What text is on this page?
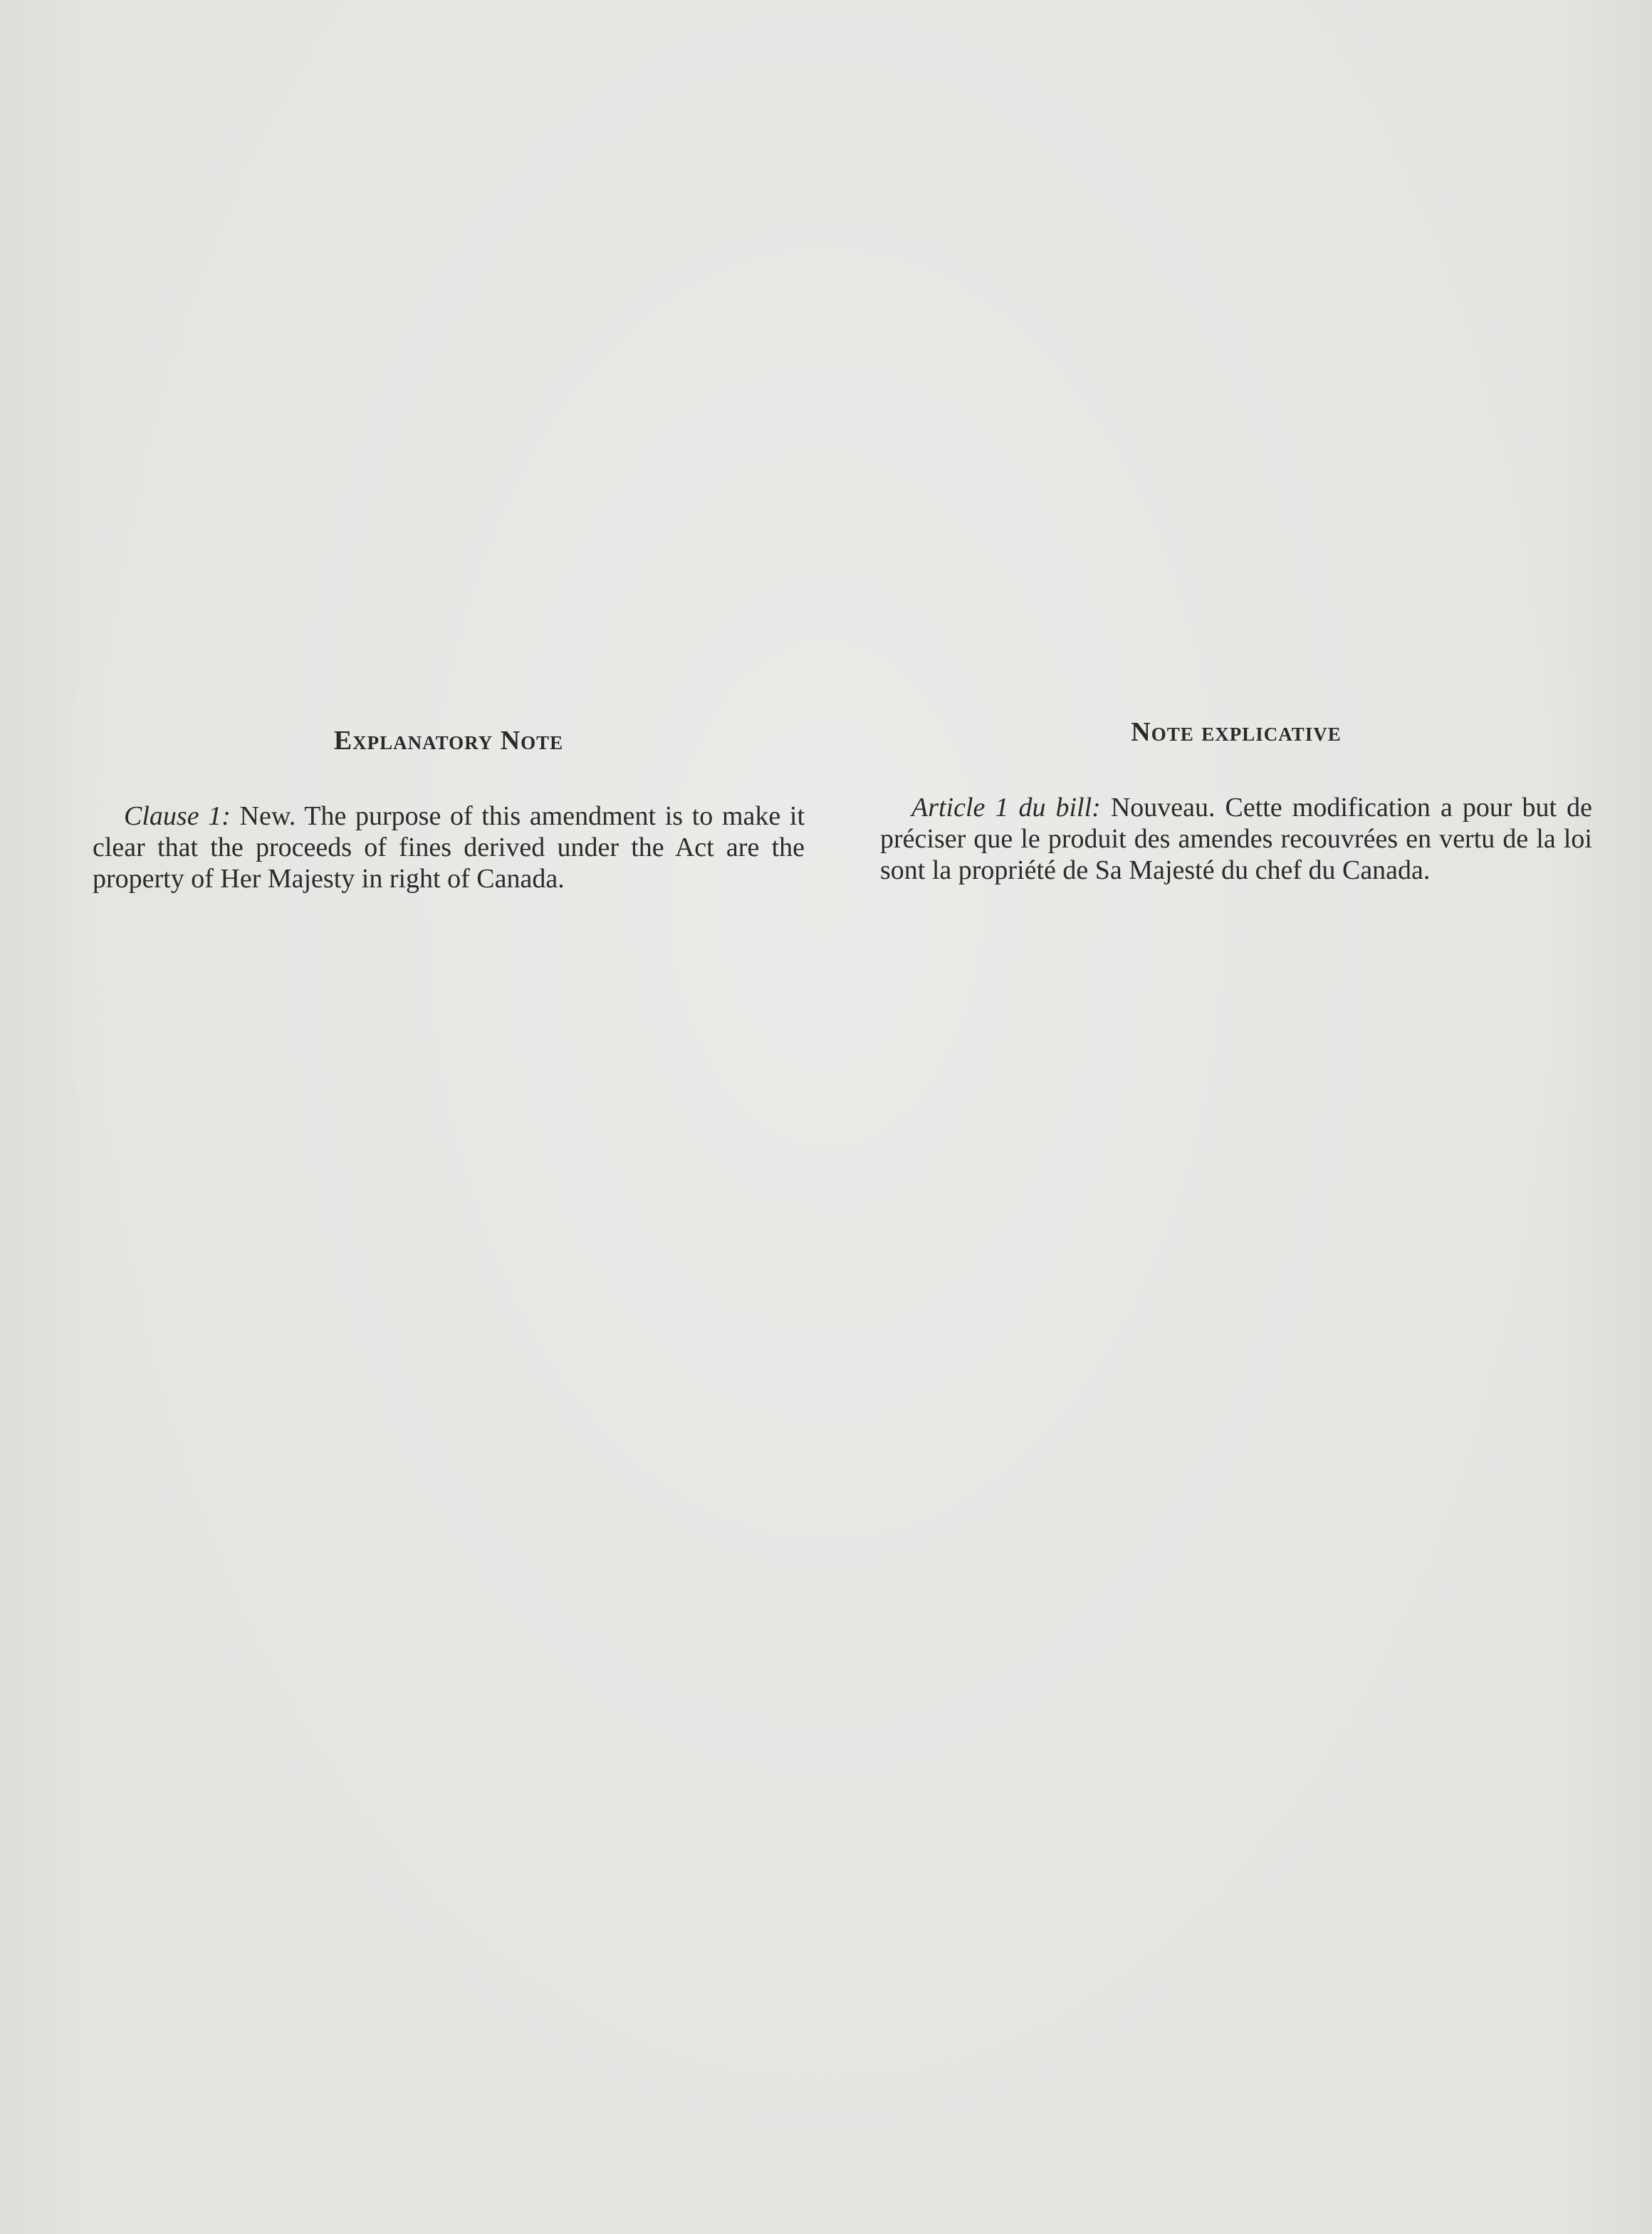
Explanatory Note

Clause 1: New. The purpose of this amendment is to make it clear that the proceeds of fines derived under the Act are the property of Her Majesty in right of Canada.

Note explicative

Article 1 du bill: Nouveau. Cette modification a pour but de préciser que le produit des amendes recouvrées en vertu de la loi sont la propriété de Sa Majesté du chef du Canada.
